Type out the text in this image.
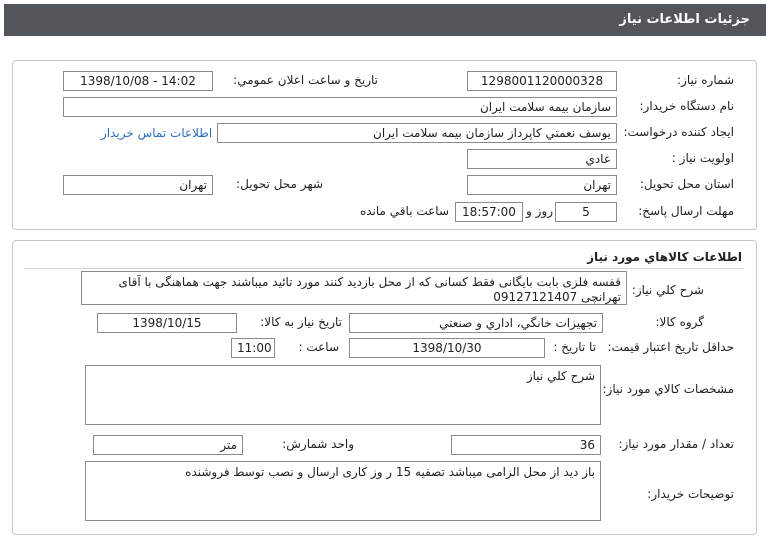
جزئيات اطلاعات نياز
شماره نياز:
1298001120000328
تاريخ و ساعت اعلان عمومي:
1398/10/08 - 14:02
نام دستگاه خريدار:
سازمان بيمه سلامت ايران
ايجاد كننده درخواست:
يوسف نعمتي كاپرداز سازمان بيمه سلامت ايران
اطلاعات تماس خريدار
اولويت نياز :
عادي
استان محل تحويل:
تهران
شهر محل تحويل:
تهران
مهلت ارسال پاسخ:
5
روز و
18:57:00
ساعت باقي مانده
اطلاعات كالاهاي مورد نياز
شرح كلي نياز:
قفسه فلزی بابت بایگانی فقط کسانی که از محل بازدید کنند مورد تائید میباشند جهت هماهنگی با آقای تهرانچی 09127121407
گروه كالا:
تجهيزات خانگي، اداري و صنعتي
تاريخ نياز به كالا:
1398/10/15
حداقل تاريخ اعتبار قيمت:
تا تاريخ :
1398/10/30
ساعت :
11:00
مشخصات كالاي مورد نياز:
شرح كلي نياز
تعداد / مقدار مورد نياز:
36
واحد شمارش:
متر
توضيحات خريدار:
باز دید از محل الزامی میباشد تصفیه 15 ر وز کاری ارسال و نصب توسط فروشنده
